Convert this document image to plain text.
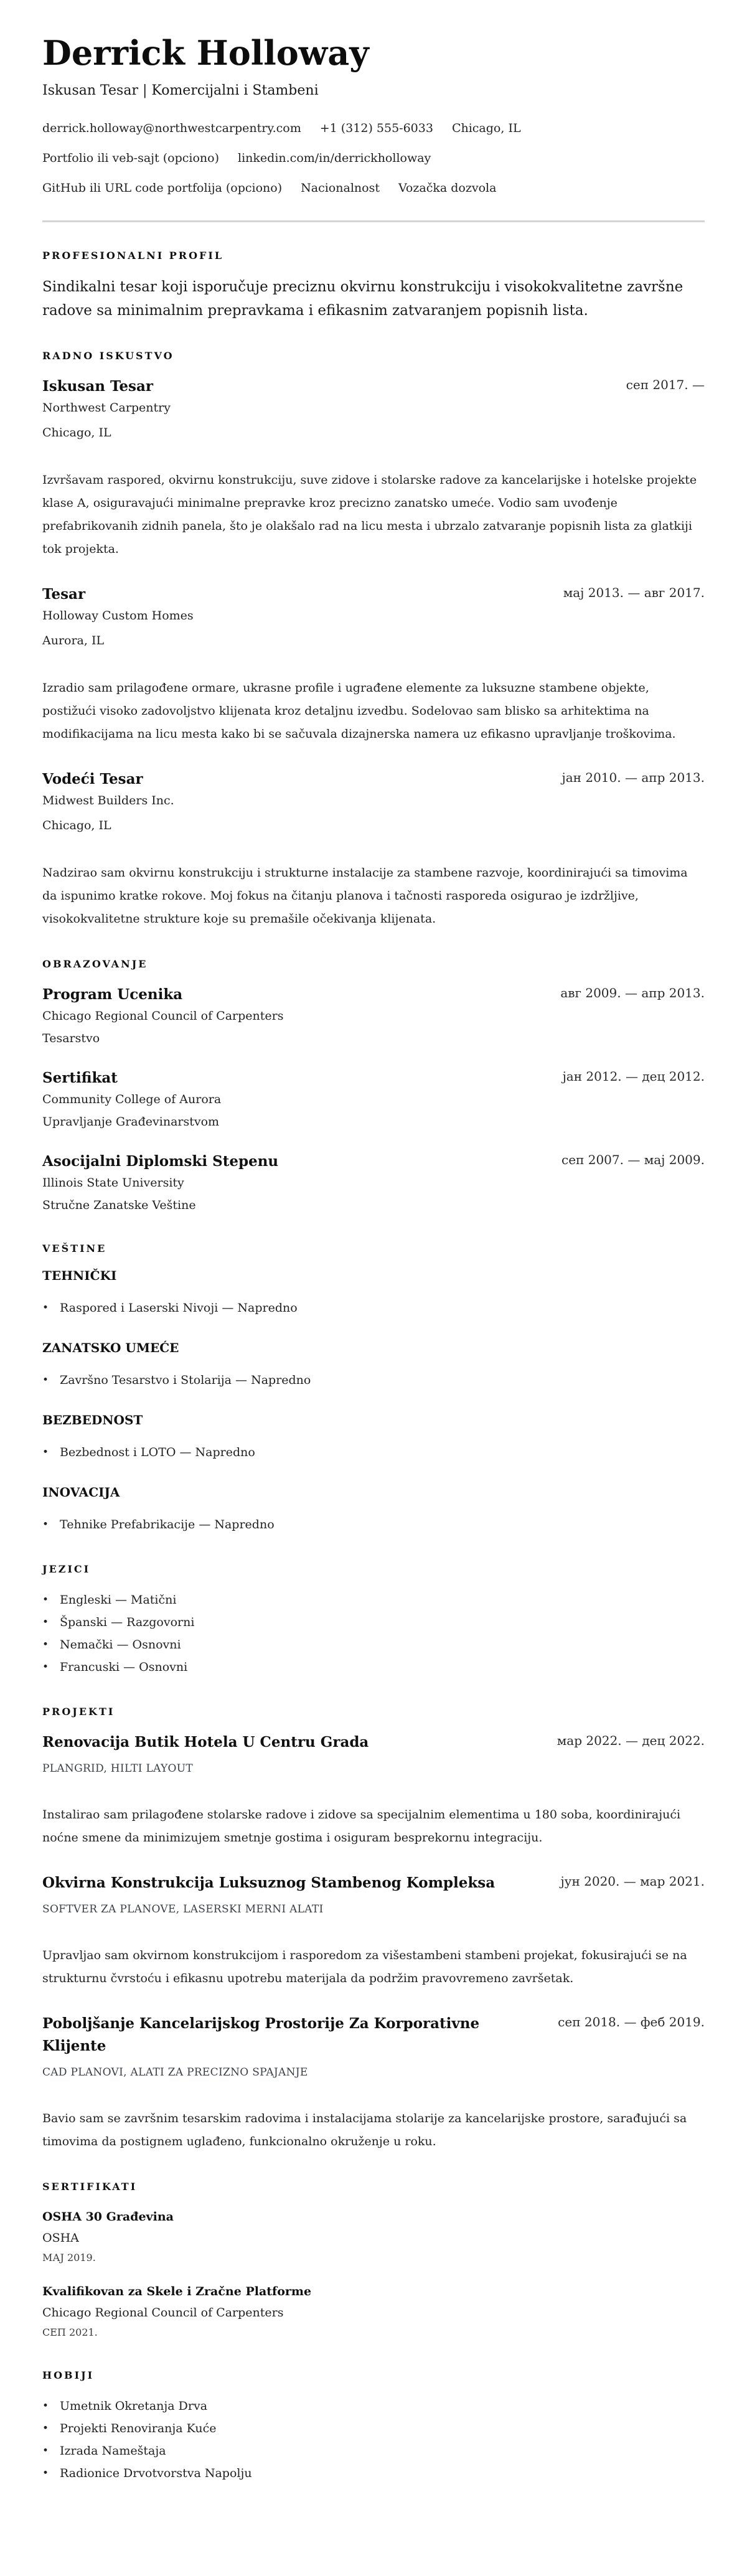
Derrick Holloway

Iskusan Tesar | Komercijalni i Stambeni

derrick.holloway@northwestcarpentry.com +1 (312) 555-6033 Chicago, IL
Portfolio ili veb-sajt (opciono) linkedin.com/in/derrickholloway
GitHub ili URL code portfolija (opciono) Nacionalnost Vozačka dozvola
PROFESIONALNI PROFIL

Sindikalni tesar koji isporučuje preciznu okvirnu konstrukciju i visokokvalitetne završne radove sa minimalnim prepravkama i efikasnim zatvaranjem popisnih lista.

RADNO ISKUSTVO
Iskusan Tesar	сеп 2017. —

Northwest Carpentry

Chicago, IL

Izvršavam raspored, okvirnu konstrukciju, suve zidove i stolarske radove za kancelarijske i hotelske projekte klase A, osiguravajući minimalne prepravke kroz precizno zanatsko umeće. Vodio sam uvođenje prefabrikovanih zidnih panela, što je olakšalo rad na licu mesta i ubrzalo zatvaranje popisnih lista za glatkiji tok projekta.

Tesar	мај 2013. — авг 2017.

Holloway Custom Homes

Aurora, IL

Izradio sam prilagođene ormare, ukrasne profile i ugrađene elemente za luksuzne stambene objekte, postižući visoko zadovoljstvo klijenata kroz detaljnu izvedbu. Sodelovao sam blisko sa arhitektima na modifikacijama na licu mesta kako bi se sačuvala dizajnerska namera uz efikasno upravljanje troškovima.

Vodeći Tesar	јан 2010. — апр 2013.

Midwest Builders Inc.

Chicago, IL

Nadzirao sam okvirnu konstrukciju i strukturne instalacije za stambene razvoje, koordinirajući sa timovima da ispunimo kratke rokove. Moj fokus na čitanju planova i tačnosti rasporeda osigurao je izdržljive, visokokvalitetne strukture koje su premašile očekivanja klijenata.

OBRAZOVANJE
Program Ucenika	авг 2009. — апр 2013.

Chicago Regional Council of Carpenters

Tesarstvo

Sertifikat	јан 2012. — дец 2012.

Community College of Aurora

Upravljanje Građevinarstvom

Asocijalni Diplomski Stepenu	сеп 2007. — мај 2009.

Illinois State University

Stručne Zanatske Veštine

VEŠTINE
TEHNIČKI
• Raspored i Laserski Nivoji — Napredno
ZANATSKO UMEĆE
• Završno Tesarstvo i Stolarija — Napredno
BEZBEDNOST
• Bezbednost i LOTO — Napredno
INOVACIJA
• Tehnike Prefabrikacije — Napredno
JEZICI
• Engleski — Matični
• Španski — Razgovorni
• Nemački — Osnovni
• Francuski — Osnovni
PROJEKTI
Renovacija Butik Hotela U Centru Grada	мар 2022. — дец 2022.

PLANGRID, HILTI LAYOUT

Instalirao sam prilagođene stolarske radove i zidove sa specijalnim elementima u 180 soba, koordinirajući noćne smene da minimizujem smetnje gostima i osiguram besprekornu integraciju.

Okvirna Konstrukcija Luksuznog Stambenog Kompleksa	јун 2020. — мар 2021.

SOFTVER ZA PLANOVE, LASERSKI MERNI ALATI

Upravljao sam okvirnom konstrukcijom i rasporedom za višestambeni stambeni projekat, fokusirajući se na strukturnu čvrstoću i efikasnu upotrebu materijala da podržim pravovremeno završetak.

Poboljšanje Kancelarijskog Prostorije Za Korporativne Klijente
сеп 2018. — феб 2019.

CAD PLANOVI, ALATI ZA PRECIZNO SPAJANJE

Bavio sam se završnim tesarskim radovima i instalacijama stolarije za kancelarijske prostore, sarađujući sa timovima da postignem uglađeno, funkcionalno okruženje u roku.

SERTIFIKATI
OSHA 30 Građevina
OSHA
МАЈ 2019.
Kvalifikovan za Skele i Zračne Platforme
Chicago Regional Council of Carpenters
СЕП 2021.
HOBIJI
• Umetnik Okretanja Drva
• Projekti Renoviranja Kuće
• Izrada Nameštaja
• Radionice Drvotvorstva Napolju
